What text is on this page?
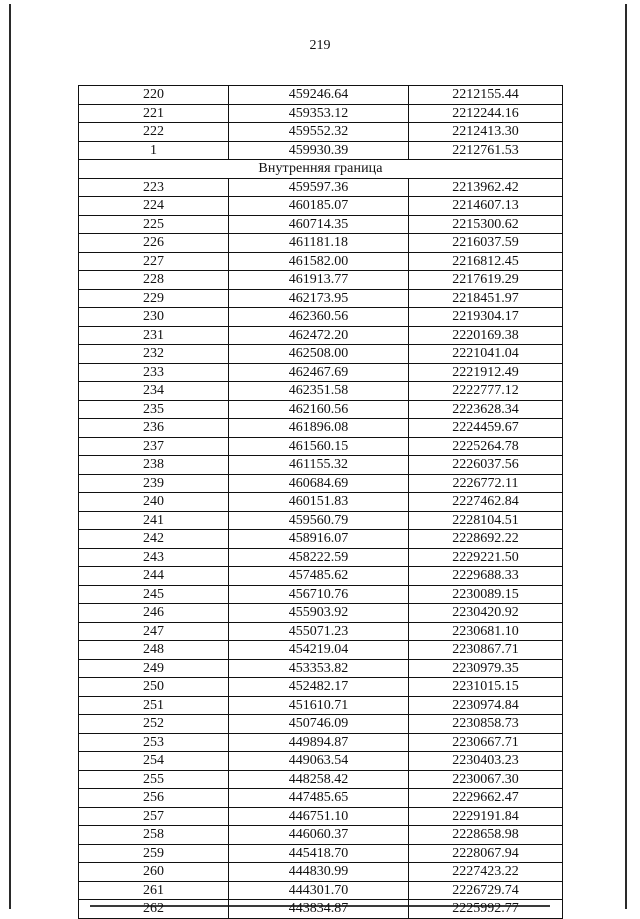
219
220	459246.64	2212155.44
221	459353.12	2212244.16
222	459552.32	2212413.30
1	459930.39	2212761.53
Внутренняя граница		
223	459597.36	2213962.42
224	460185.07	2214607.13
225	460714.35	2215300.62
226	461181.18	2216037.59
227	461582.00	2216812.45
228	461913.77	2217619.29
229	462173.95	2218451.97
230	462360.56	2219304.17
231	462472.20	2220169.38
232	462508.00	2221041.04
233	462467.69	2221912.49
234	462351.58	2222777.12
235	462160.56	2223628.34
236	461896.08	2224459.67
237	461560.15	2225264.78
238	461155.32	2226037.56
239	460684.69	2226772.11
240	460151.83	2227462.84
241	459560.79	2228104.51
242	458916.07	2228692.22
243	458222.59	2229221.50
244	457485.62	2229688.33
245	456710.76	2230089.15
246	455903.92	2230420.92
247	455071.23	2230681.10
248	454219.04	2230867.71
249	453353.82	2230979.35
250	452482.17	2231015.15
251	451610.71	2230974.84
252	450746.09	2230858.73
253	449894.87	2230667.71
254	449063.54	2230403.23
255	448258.42	2230067.30
256	447485.65	2229662.47
257	446751.10	2229191.84
258	446060.37	2228658.98
259	445418.70	2228067.94
260	444830.99	2227423.22
261	444301.70	2226729.74
262	443834.87	2225992.77
